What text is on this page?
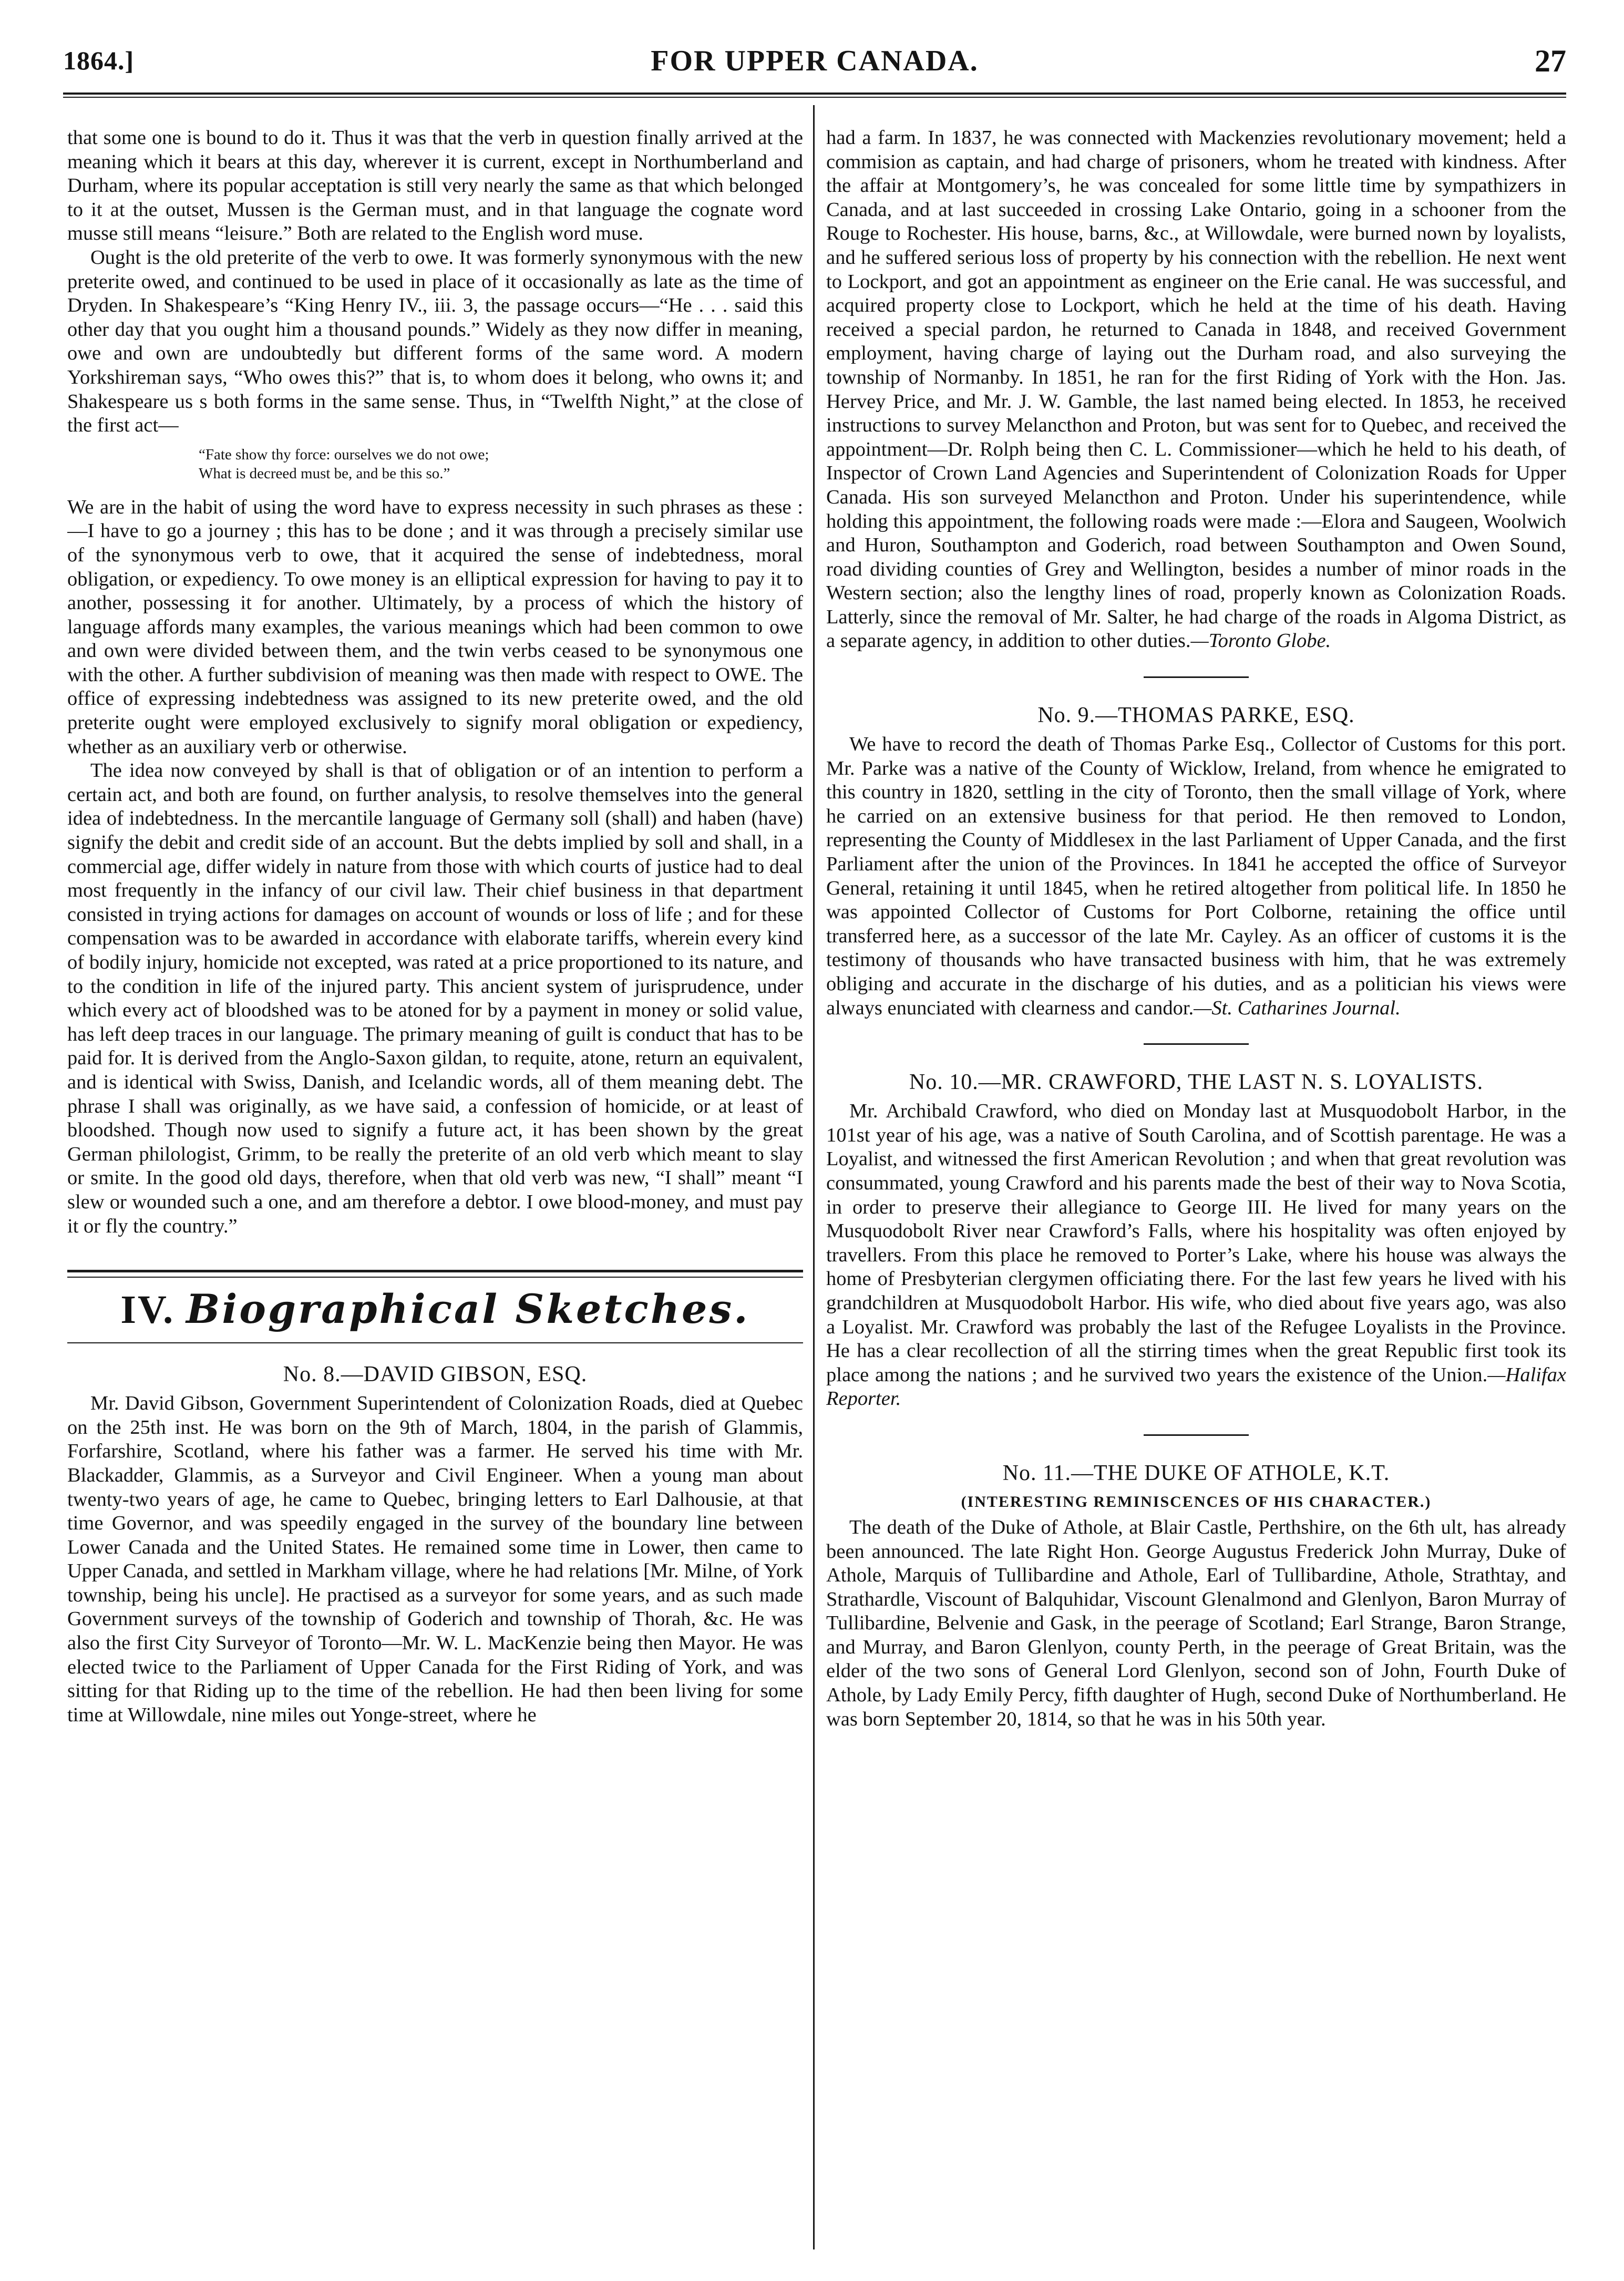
1864.]	FOR UPPER CANADA.	27

that some one is bound to do it. Thus it was that the verb in question finally arrived at the meaning which it bears at this day, wherever it is current, except in Northumberland and Durham, where its popular acceptation is still very nearly the same as that which belonged to it at the outset, Mussen is the German must, and in that language the cognate word musse still means “leisure.” Both are related to the English word muse.

Ought is the old preterite of the verb to owe. It was formerly synonymous with the new preterite owed, and continued to be used in place of it occasionally as late as the time of Dryden. In Shakespeare’s “King Henry IV., iii. 3, the passage occurs—“He . . . said this other day that you ought him a thousand pounds.” Widely as they now differ in meaning, owe and own are undoubtedly but different forms of the same word. A modern Yorkshireman says, “Who owes this?” that is, to whom does it belong, who owns it; and Shakespeare us s both forms in the same sense. Thus, in “Twelfth Night,” at the close of the first act—

“Fate show thy force: ourselves we do not owe;
What is decreed must be, and be this so.”

We are in the habit of using the word have to express necessity in such phrases as these :—I have to go a journey ; this has to be done ; and it was through a precisely similar use of the synonymous verb to owe, that it acquired the sense of indebtedness, moral obligation, or expediency. To owe money is an elliptical expression for having to pay it to another, possessing it for another. Ultimately, by a process of which the history of language affords many examples, the various meanings which had been common to owe and own were divided between them, and the twin verbs ceased to be synonymous one with the other. A further subdivision of meaning was then made with respect to OWE. The office of expressing indebtedness was assigned to its new preterite owed, and the old preterite ought were employed exclusively to signify moral obligation or expediency, whether as an auxiliary verb or otherwise.

The idea now conveyed by shall is that of obligation or of an intention to perform a certain act, and both are found, on further analysis, to resolve themselves into the general idea of indebtedness. In the mercantile language of Germany soll (shall) and haben (have) signify the debit and credit side of an account. But the debts implied by soll and shall, in a commercial age, differ widely in nature from those with which courts of justice had to deal most frequently in the infancy of our civil law. Their chief business in that department consisted in trying actions for damages on account of wounds or loss of life ; and for these compensation was to be awarded in accordance with elaborate tariffs, wherein every kind of bodily injury, homicide not excepted, was rated at a price proportioned to its nature, and to the condition in life of the injured party. This ancient system of jurisprudence, under which every act of bloodshed was to be atoned for by a payment in money or solid value, has left deep traces in our language. The primary meaning of guilt is conduct that has to be paid for. It is derived from the Anglo-Saxon gildan, to requite, atone, return an equivalent, and is identical with Swiss, Danish, and Icelandic words, all of them meaning debt. The phrase I shall was originally, as we have said, a confession of homicide, or at least of bloodshed. Though now used to signify a future act, it has been shown by the great German philologist, Grimm, to be really the preterite of an old verb which meant to slay or smite. In the good old days, therefore, when that old verb was new, “I shall” meant “I slew or wounded such a one, and am therefore a debtor. I owe blood-money, and must pay it or fly the country.”

IV. Biographical Sketches.
No. 8.—DAVID GIBSON, ESQ.

Mr. David Gibson, Government Superintendent of Colonization Roads, died at Quebec on the 25th inst. He was born on the 9th of March, 1804, in the parish of Glammis, Forfarshire, Scotland, where his father was a farmer. He served his time with Mr. Blackadder, Glammis, as a Surveyor and Civil Engineer. When a young man about twenty-two years of age, he came to Quebec, bringing letters to Earl Dalhousie, at that time Governor, and was speedily engaged in the survey of the boundary line between Lower Canada and the United States. He remained some time in Lower, then came to Upper Canada, and settled in Markham village, where he had relations [Mr. Milne, of York township, being his uncle]. He practised as a surveyor for some years, and as such made Government surveys of the township of Goderich and township of Thorah, &c. He was also the first City Surveyor of Toronto—Mr. W. L. MacKenzie being then Mayor. He was elected twice to the Parliament of Upper Canada for the First Riding of York, and was sitting for that Riding up to the time of the rebellion. He had then been living for some time at Willowdale, nine miles out Yonge-street, where he

had a farm. In 1837, he was connected with Mackenzies revolutionary movement; held a commision as captain, and had charge of prisoners, whom he treated with kindness. After the affair at Montgomery’s, he was concealed for some little time by sympathizers in Canada, and at last succeeded in crossing Lake Ontario, going in a schooner from the Rouge to Rochester. His house, barns, &c., at Willowdale, were burned nown by loyalists, and he suffered serious loss of property by his connection with the rebellion. He next went to Lockport, and got an appointment as engineer on the Erie canal. He was successful, and acquired property close to Lockport, which he held at the time of his death. Having received a special pardon, he returned to Canada in 1848, and received Government employment, having charge of laying out the Durham road, and also surveying the township of Normanby. In 1851, he ran for the first Riding of York with the Hon. Jas. Hervey Price, and Mr. J. W. Gamble, the last named being elected. In 1853, he received instructions to survey Melancthon and Proton, but was sent for to Quebec, and received the appointment—Dr. Rolph being then C. L. Commissioner—which he held to his death, of Inspector of Crown Land Agencies and Superintendent of Colonization Roads for Upper Canada. His son surveyed Melancthon and Proton. Under his superintendence, while holding this appointment, the following roads were made :—Elora and Saugeen, Woolwich and Huron, Southampton and Goderich, road between Southampton and Owen Sound, road dividing counties of Grey and Wellington, besides a number of minor roads in the Western section; also the lengthy lines of road, properly known as Colonization Roads. Latterly, since the removal of Mr. Salter, he had charge of the roads in Algoma District, as a separate agency, in addition to other duties.—Toronto Globe.

No. 9.—THOMAS PARKE, ESQ.

We have to record the death of Thomas Parke Esq., Collector of Customs for this port. Mr. Parke was a native of the County of Wicklow, Ireland, from whence he emigrated to this country in 1820, settling in the city of Toronto, then the small village of York, where he carried on an extensive business for that period. He then removed to London, representing the County of Middlesex in the last Parliament of Upper Canada, and the first Parliament after the union of the Provinces. In 1841 he accepted the office of Surveyor General, retaining it until 1845, when he retired altogether from political life. In 1850 he was appointed Collector of Customs for Port Colborne, retaining the office until transferred here, as a successor of the late Mr. Cayley. As an officer of customs it is the testimony of thousands who have transacted business with him, that he was extremely obliging and accurate in the discharge of his duties, and as a politician his views were always enunciated with clearness and candor.—St. Catharines Journal.

No. 10.—MR. CRAWFORD, THE LAST N. S. LOYALISTS.

Mr. Archibald Crawford, who died on Monday last at Musquodobolt Harbor, in the 101st year of his age, was a native of South Carolina, and of Scottish parentage. He was a Loyalist, and witnessed the first American Revolution ; and when that great revolution was consummated, young Crawford and his parents made the best of their way to Nova Scotia, in order to preserve their allegiance to George III. He lived for many years on the Musquodobolt River near Crawford’s Falls, where his hospitality was often enjoyed by travellers. From this place he removed to Porter’s Lake, where his house was always the home of Presbyterian clergymen officiating there. For the last few years he lived with his grandchildren at Musquodobolt Harbor. His wife, who died about five years ago, was also a Loyalist. Mr. Crawford was probably the last of the Refugee Loyalists in the Province. He has a clear recollection of all the stirring times when the great Republic first took its place among the nations ; and he survived two years the existence of the Union.—Halifax Reporter.

No. 11.—THE DUKE OF ATHOLE, K.T.
(INTERESTING REMINISCENCES OF HIS CHARACTER.)

The death of the Duke of Athole, at Blair Castle, Perthshire, on the 6th ult, has already been announced. The late Right Hon. George Augustus Frederick John Murray, Duke of Athole, Marquis of Tullibardine and Athole, Earl of Tullibardine, Athole, Strathtay, and Strathardle, Viscount of Balquhidar, Viscount Glenalmond and Glenlyon, Baron Murray of Tullibardine, Belvenie and Gask, in the peerage of Scotland; Earl Strange, Baron Strange, and Murray, and Baron Glenlyon, county Perth, in the peerage of Great Britain, was the elder of the two sons of General Lord Glenlyon, second son of John, Fourth Duke of Athole, by Lady Emily Percy, fifth daughter of Hugh, second Duke of Northumberland. He was born September 20, 1814, so that he was in his 50th year.
